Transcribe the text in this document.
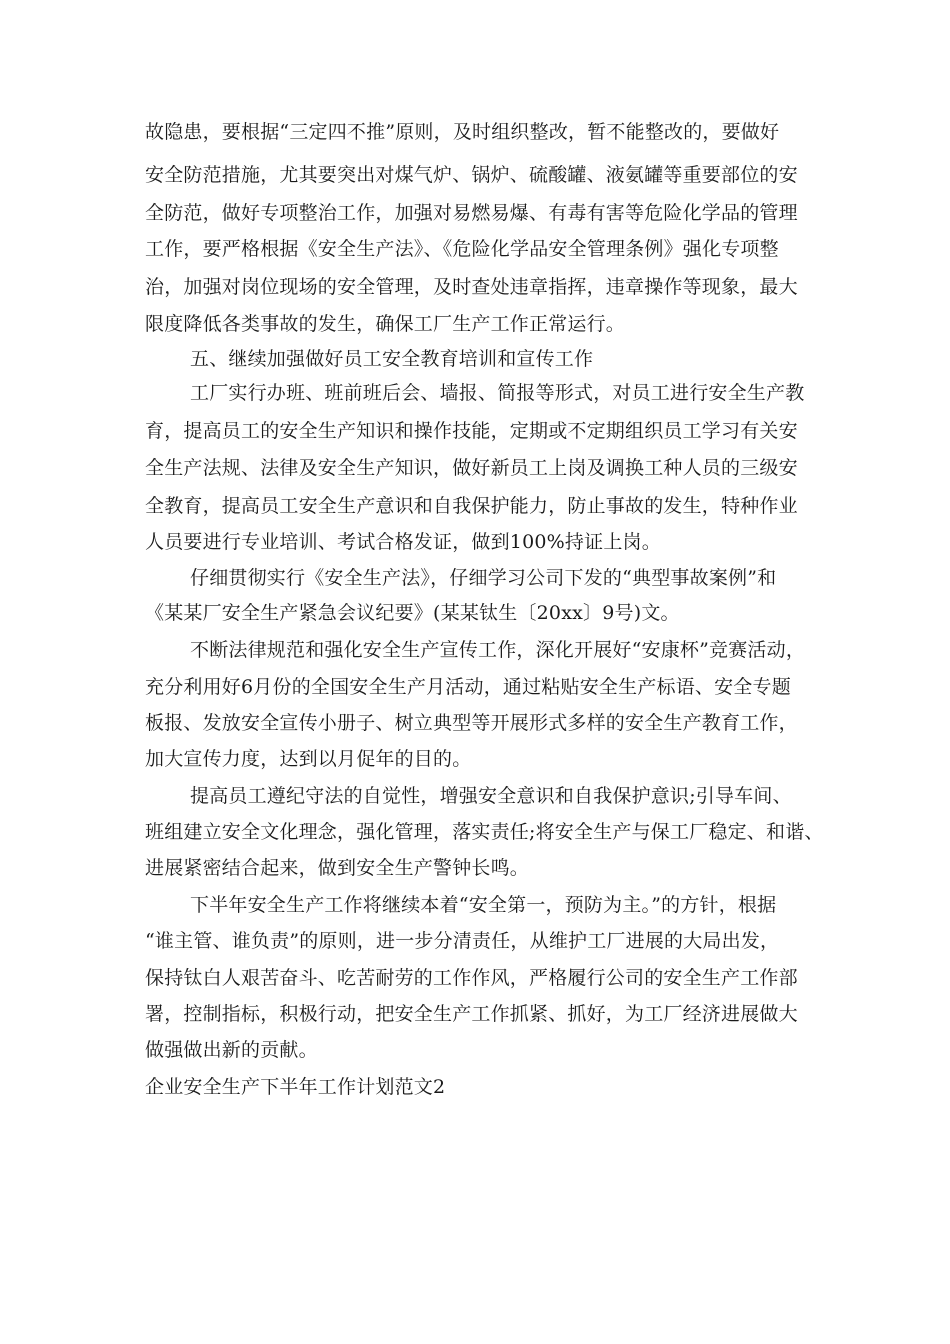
故隐患，要根据“三定四不推”原则，及时组织整改，暂不能整改的，要做好
安全防范措施，尤其要突出对煤气炉、锅炉、硫酸罐、液氨罐等重要部位的安
全防范，做好专项整治工作，加强对易燃易爆、有毒有害等危险化学品的管理
工作，要严格根据《安全生产法》、《危险化学品安全管理条例》强化专项整
治，加强对岗位现场的安全管理，及时查处违章指挥，违章操作等现象，最大
限度降低各类事故的发生，确保工厂生产工作正常运行。
五、继续加强做好员工安全教育培训和宣传工作
工厂实行办班、班前班后会、墙报、简报等形式，对员工进行安全生产教
育，提高员工的安全生产知识和操作技能，定期或不定期组织员工学习有关安
全生产法规、法律及安全生产知识，做好新员工上岗及调换工种人员的三级安
全教育，提高员工安全生产意识和自我保护能力，防止事故的发生，特种作业
人员要进行专业培训、考试合格发证，做到100%持证上岗。
仔细贯彻实行《安全生产法》，仔细学习公司下发的“典型事故案例”和
《某某厂安全生产紧急会议纪要》(某某钛生〔20xx〕9号)文。
不断法律规范和强化安全生产宣传工作，深化开展好“安康杯”竞赛活动，
充分利用好6月份的全国安全生产月活动，通过粘贴安全生产标语、安全专题
板报、发放安全宣传小册子、树立典型等开展形式多样的安全生产教育工作，
加大宣传力度，达到以月促年的目的。
提高员工遵纪守法的自觉性，增强安全意识和自我保护意识;引导车间、
班组建立安全文化理念，强化管理，落实责任;将安全生产与保工厂稳定、和谐、
进展紧密结合起来，做到安全生产警钟长鸣。
下半年安全生产工作将继续本着“安全第一，预防为主。”的方针，根据
“谁主管、谁负责”的原则，进一步分清责任，从维护工厂进展的大局出发，
保持钛白人艰苦奋斗、吃苦耐劳的工作作风，严格履行公司的安全生产工作部
署，控制指标，积极行动，把安全生产工作抓紧、抓好，为工厂经济进展做大
做强做出新的贡献。
企业安全生产下半年工作计划范文2
